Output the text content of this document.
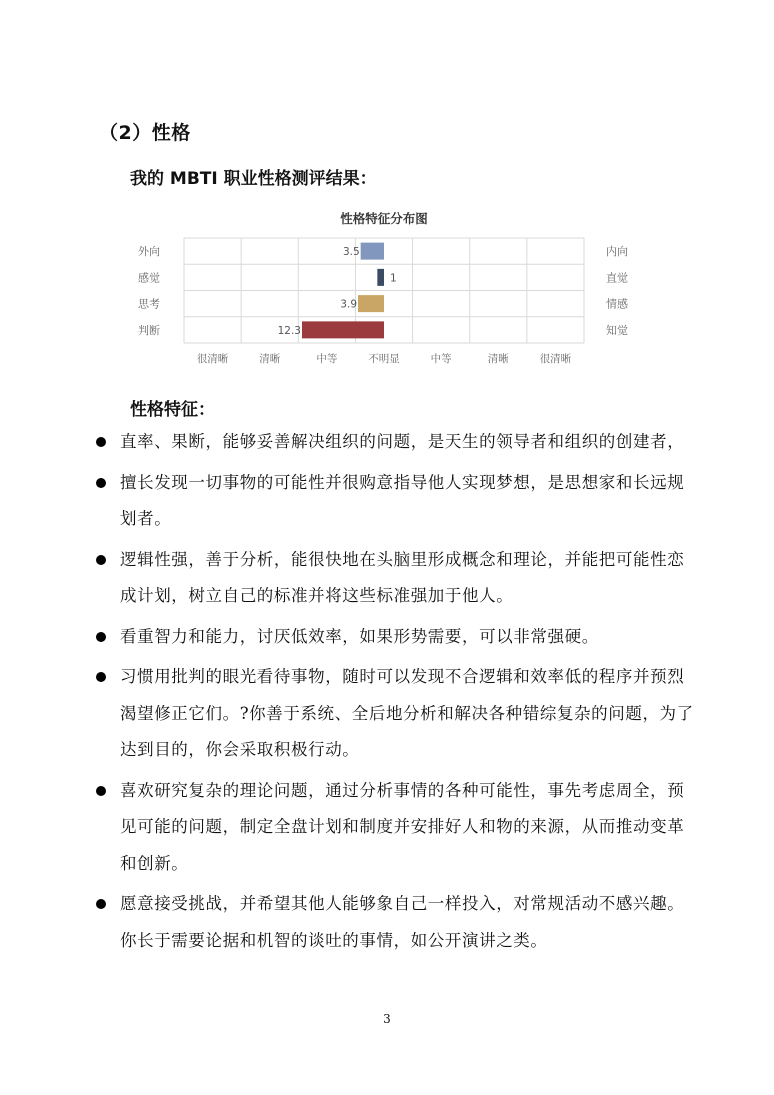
（2）性格
我的 MBTI 职业性格测评结果：
性格特征分布图
3.5
外向	内向
1
感觉	直觉
3.9
思考	情感
12.3
判断	知觉
很清晰	清晰	中等	不明显	中等	清晰	很清晰
性格特征：
直率、果断，能够妥善解决组织的问题，是天生的领导者和组织的创建者，
擅长发现一切事物的可能性并很购意指导他人实现梦想，是思想家和长远规划者。
逻辑性强，善于分析，能很快地在头脑里形成概念和理论，并能把可能性恋成计划，树立自己的标准并将这些标准强加于他人。
看重智力和能力，讨厌低效率，如果形势需要，可以非常强硬。
习惯用批判的眼光看待事物，随时可以发现不合逻辑和效率低的程序并预烈渴望修正它们。?你善于系统、全后地分析和解决各种错综复杂的问题，为了达到目的，你会采取积极行动。
喜欢研究复杂的理论问题，通过分析事情的各种可能性，事先考虑周全，预见可能的问题，制定全盘计划和制度并安排好人和物的来源，从而推动变革和创新。
愿意接受挑战，并希望其他人能够象自己一样投入，对常规活动不感兴趣。你长于需要论据和机智的谈吐的事情，如公开演讲之类。
3
